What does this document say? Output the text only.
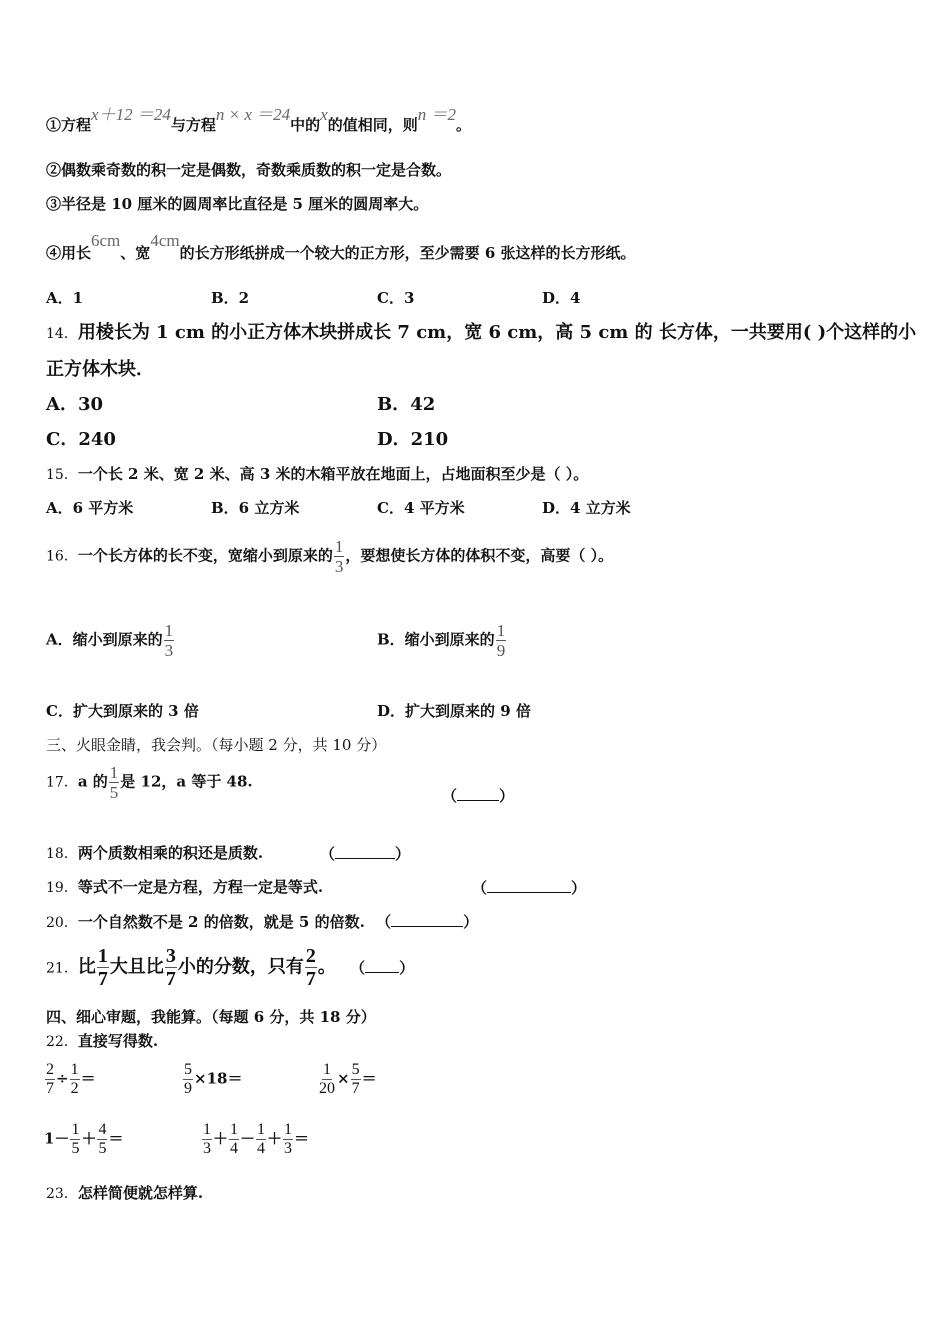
①方程x＋12 ＝24与方程n × x ＝24中的x的值相同，则n ＝2。
②偶数乘奇数的积一定是偶数，奇数乘质数的积一定是合数。
③半径是 10 厘米的圆周率比直径是 5 厘米的圆周率大。
④用长6cm、宽4cm的长方形纸拼成一个较大的正方形，至少需要 6 张这样的长方形纸。
A．1	B．2	C．3	D．4
14．用棱长为 1 cm 的小正方体木块拼成长 7 cm，宽 6 cm，高 5 cm 的 长方体，一共要用( )个这样的小
正方体木块．
A．30	B．42
C．240	D．210
15．一个长 2 米、宽 2 米、高 3 米的木箱平放在地面上，占地面积至少是（ ）。
A．6 平方米	B．6 立方米	C．4 平方米	D．4 立方米
16．一个长方体的长不变，宽缩小到原来的 $\frac{1}{3}$ ，要想使长方体的体积不变，高要（ ）。
A．缩小到原来的 $\frac{1}{3}$	B．缩小到原来的 $\frac{1}{9}$
C．扩大到原来的 3 倍	D．扩大到原来的 9 倍
三、火眼金睛，我会判。（每小题 2 分，共 10 分）
17．a 的 $\frac{1}{5}$ 是 12，a 等于 48.
（	）
18．两个质数相乘的积还是质数.	（	）
19．等式不一定是方程，方程一定是等式.	（	）
20．一个自然数不是 2 的倍数，就是 5 的倍数. （	）
21．比 $\frac{1}{7}$ 大且比 $\frac{3}{7}$ 小的分数，只有 $\frac{2}{7}$ 。 （ ）
四、细心审题，我能算。（每题 6 分，共 18 分）
22．直接写得数.
$\frac{2}{7} \div \frac{1}{2}$ ＝	$\frac{5}{9} \times 18=$	$\frac{1}{20} \times \frac{5}{7}$ ＝
$1- \frac{1}{5} + \frac{4}{5}$ ＝	$\frac{1}{3} + \frac{1}{4} - \frac{1}{4} + \frac{1}{3}$ ＝
23．怎样简便就怎样算.
